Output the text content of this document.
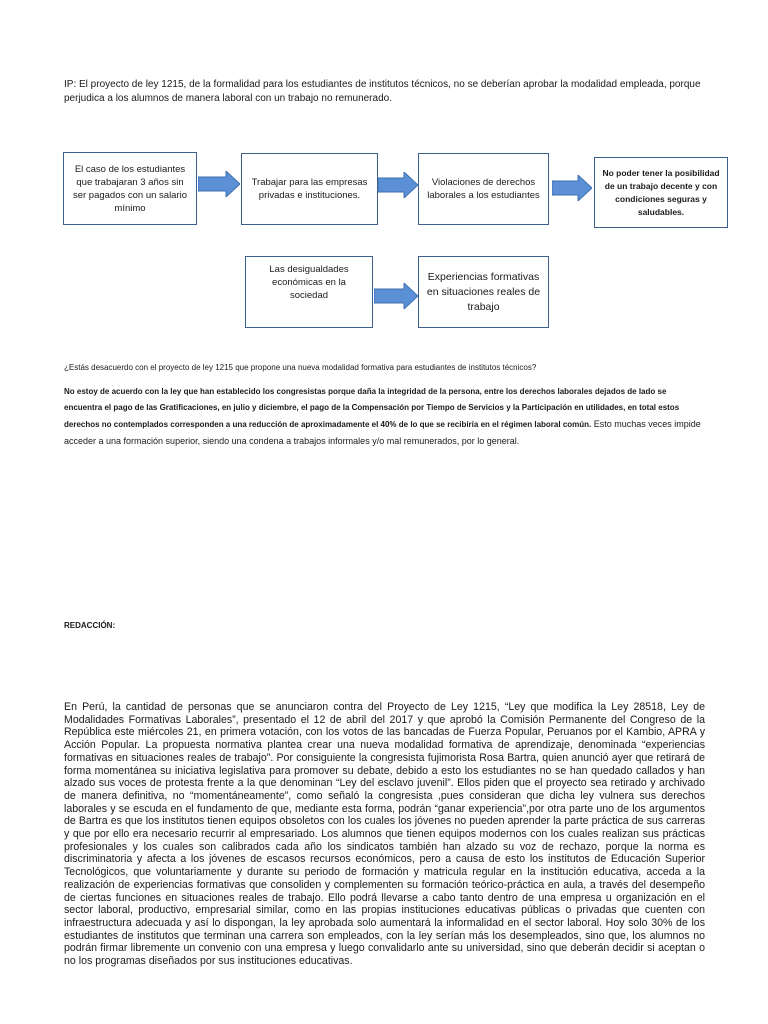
IP: El proyecto de ley 1215, de la formalidad para los estudiantes de institutos técnicos, no se deberían aprobar la modalidad empleada, porque perjudica a los alumnos de manera laboral con un trabajo no remunerado.
El caso de los estudiantes que trabajaran 3 años sin ser pagados con un salario mínimo
Trabajar para las empresas privadas e instituciones.
Violaciones de derechos laborales a los estudiantes
No poder tener la posibilidad de un trabajo decente y con condiciones seguras y saludables.
Las desigualdades económicas en la sociedad
Experiencias formativas en situaciones reales de trabajo
¿Estás desacuerdo con el proyecto de ley 1215 que propone una nueva modalidad formativa para estudiantes de institutos técnicos?
No estoy de acuerdo con la ley que han establecido los congresistas porque daña la integridad de la persona, entre los derechos laborales dejados de lado se encuentra el pago de las Gratificaciones, en julio y diciembre, el pago de la Compensación por Tiempo de Servicios y la Participación en utilidades, en total estos derechos no contemplados corresponden a una reducción de aproximadamente el 40% de lo que se recibiría en el régimen laboral común. Esto muchas veces impide acceder a una formación superior, siendo una condena a trabajos informales y/o mal remunerados, por lo general.
REDACCIÓN:
En Perú, la cantidad de personas que se anunciaron contra del Proyecto de Ley 1215, “Ley que modifica la Ley 28518, Ley de Modalidades Formativas Laborales”, presentado el 12 de abril del 2017 y que aprobó la Comisión Permanente del Congreso de la República este miércoles 21, en primera votación, con los votos de las bancadas de Fuerza Popular, Peruanos por el Kambio, APRA y Acción Popular. La propuesta normativa plantea crear una nueva modalidad formativa de aprendizaje, denominada “experiencias formativas en situaciones reales de trabajo”. Por consiguiente la congresista fujimorista Rosa Bartra, quien anunció ayer que retirará de forma momentánea su iniciativa legislativa para promover su debate, debido a esto los estudiantes no se han quedado callados y han alzado sus voces de protesta frente a la que denominan “Ley del esclavo juvenil”. Ellos piden que el proyecto sea retirado y archivado de manera definitiva, no “momentáneamente”, como señaló la congresista ,pues consideran que dicha ley vulnera sus derechos laborales y se escuda en el fundamento de que, mediante esta forma, podrán “ganar experiencia”,por otra parte uno de los argumentos de Bartra es que los institutos tienen equipos obsoletos con los cuales los jóvenes no pueden aprender la parte práctica de sus carreras y que por ello era necesario recurrir al empresariado. Los alumnos que tienen equipos modernos con los cuales realizan sus prácticas profesionales y los cuales son calibrados cada año los sindicatos también han alzado su voz de rechazo, porque la norma es discriminatoria y afecta a los jóvenes de escasos recursos económicos, pero a causa de esto los institutos de Educación Superior Tecnológicos, que voluntariamente y durante su periodo de formación y matricula regular en la institución educativa, acceda a la realización de experiencias formativas que consoliden y complementen su formación teórico-práctica en aula, a través del desempeño de ciertas funciones en situaciones reales de trabajo. Ello podrá llevarse a cabo tanto dentro de una empresa u organización en el sector laboral, productivo, empresarial similar, como en las propias instituciones educativas públicas o privadas que cuenten con infraestructura adecuada y así lo dispongan, la ley aprobada solo aumentará la informalidad en el sector laboral. Hoy solo 30% de los estudiantes de institutos que terminan una carrera son empleados, con la ley serían más los desempleados, sino que, los alumnos no podrán firmar libremente un convenio con una empresa y luego convalidarlo ante su universidad, sino que deberán decidir si aceptan o no los programas diseñados por sus instituciones educativas.
